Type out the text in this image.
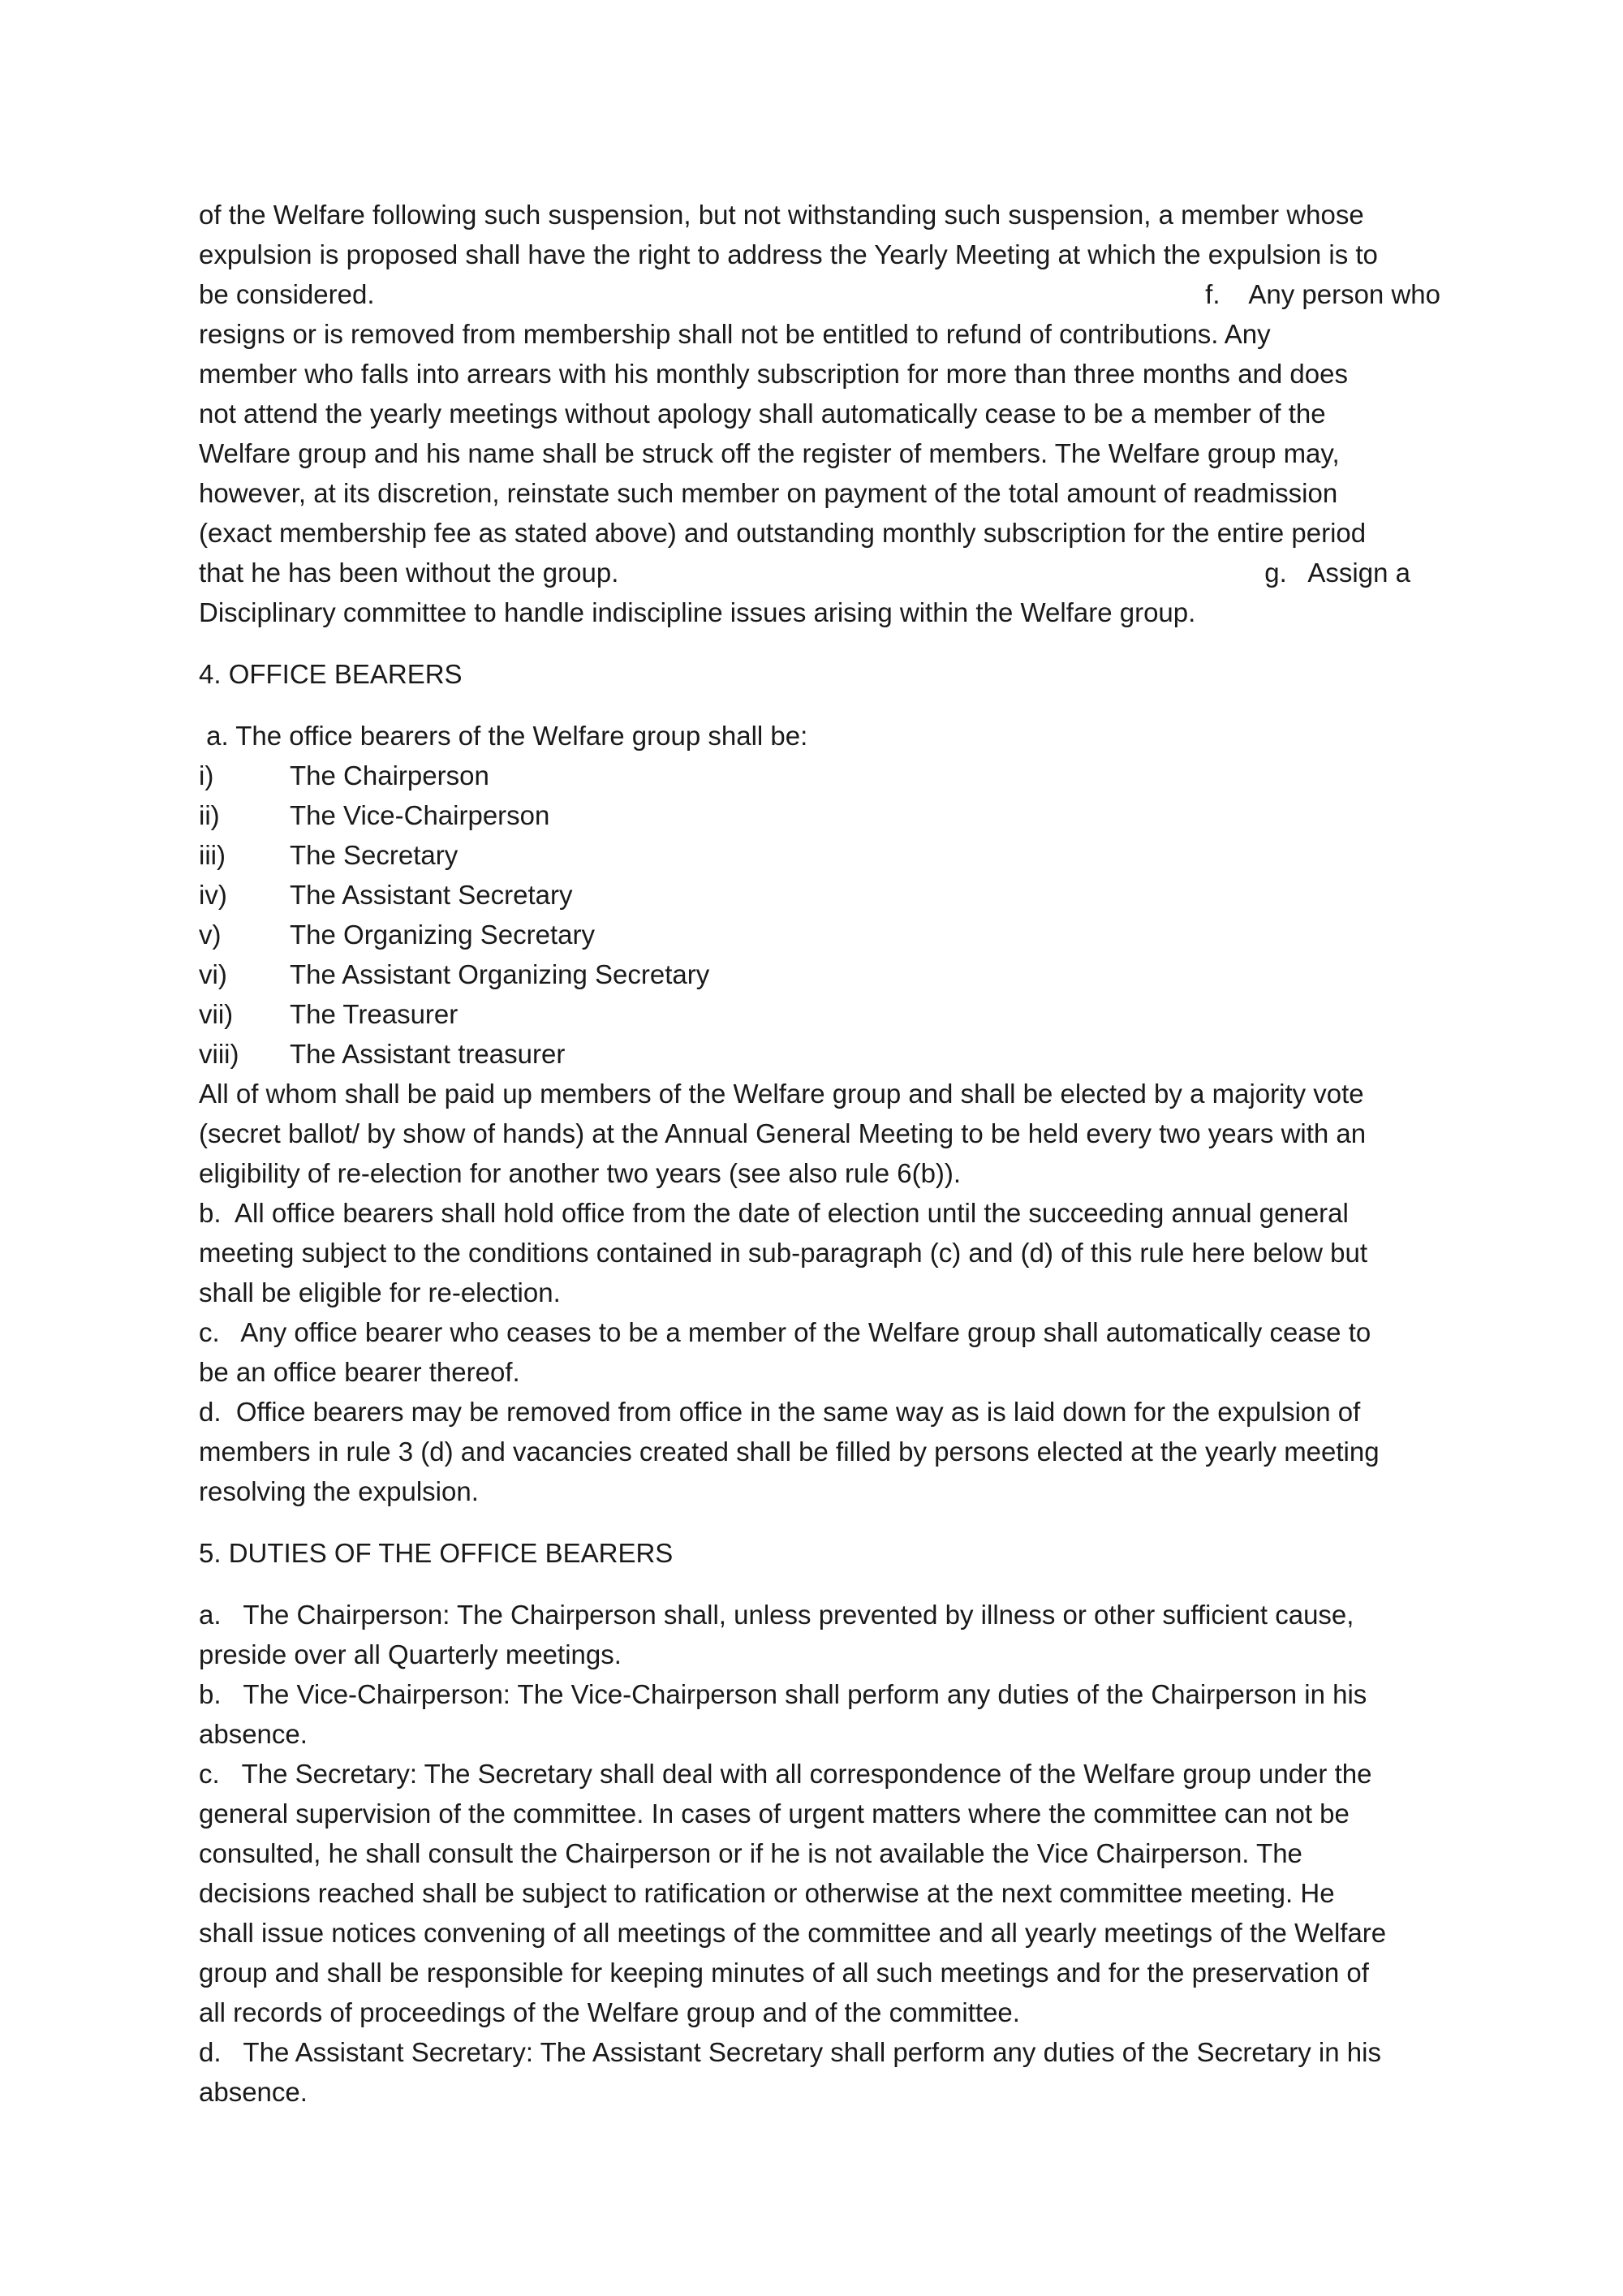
of the Welfare following such suspension, but not withstanding such suspension, a member whose
expulsion is proposed shall have the right to address the Yearly Meeting at which the expulsion is to
be considered.	f.    Any person who
resigns or is removed from membership shall not be entitled to refund of contributions. Any
member who falls into arrears with his monthly subscription for more than three months and does
not attend the yearly meetings without apology shall automatically cease to be a member of the
Welfare group and his name shall be struck off the register of members. The Welfare group may,
however, at its discretion, reinstate such member on payment of the total amount of readmission
(exact membership fee as stated above) and outstanding monthly subscription for the entire period
that he has been without the group.	g.   Assign a
Disciplinary committee to handle indiscipline issues arising within the Welfare group.
4. OFFICE BEARERS
a. The office bearers of the Welfare group shall be:
i)	The Chairperson
ii)	The Vice-Chairperson
iii)	The Secretary
iv)	The Assistant Secretary
v)	The Organizing Secretary
vi)	The Assistant Organizing Secretary
vii)	The Treasurer
viii)	The Assistant treasurer
All of whom shall be paid up members of the Welfare group and shall be elected by a majority vote
(secret ballot/ by show of hands) at the Annual General Meeting to be held every two years with an
eligibility of re-election for another two years (see also rule 6(b)).
b.  All office bearers shall hold office from the date of election until the succeeding annual general
meeting subject to the conditions contained in sub-paragraph (c) and (d) of this rule here below but
shall be eligible for re-election.
c.   Any office bearer who ceases to be a member of the Welfare group shall automatically cease to
be an office bearer thereof.
d.  Office bearers may be removed from office in the same way as is laid down for the expulsion of
members in rule 3 (d) and vacancies created shall be filled by persons elected at the yearly meeting
resolving the expulsion.
5. DUTIES OF THE OFFICE BEARERS
a.   The Chairperson: The Chairperson shall, unless prevented by illness or other sufficient cause,
preside over all Quarterly meetings.
b.   The Vice-Chairperson: The Vice-Chairperson shall perform any duties of the Chairperson in his
absence.
c.   The Secretary: The Secretary shall deal with all correspondence of the Welfare group under the
general supervision of the committee. In cases of urgent matters where the committee can not be
consulted, he shall consult the Chairperson or if he is not available the Vice Chairperson. The
decisions reached shall be subject to ratification or otherwise at the next committee meeting. He
shall issue notices convening of all meetings of the committee and all yearly meetings of the Welfare
group and shall be responsible for keeping minutes of all such meetings and for the preservation of
all records of proceedings of the Welfare group and of the committee.
d.   The Assistant Secretary: The Assistant Secretary shall perform any duties of the Secretary in his
absence.
